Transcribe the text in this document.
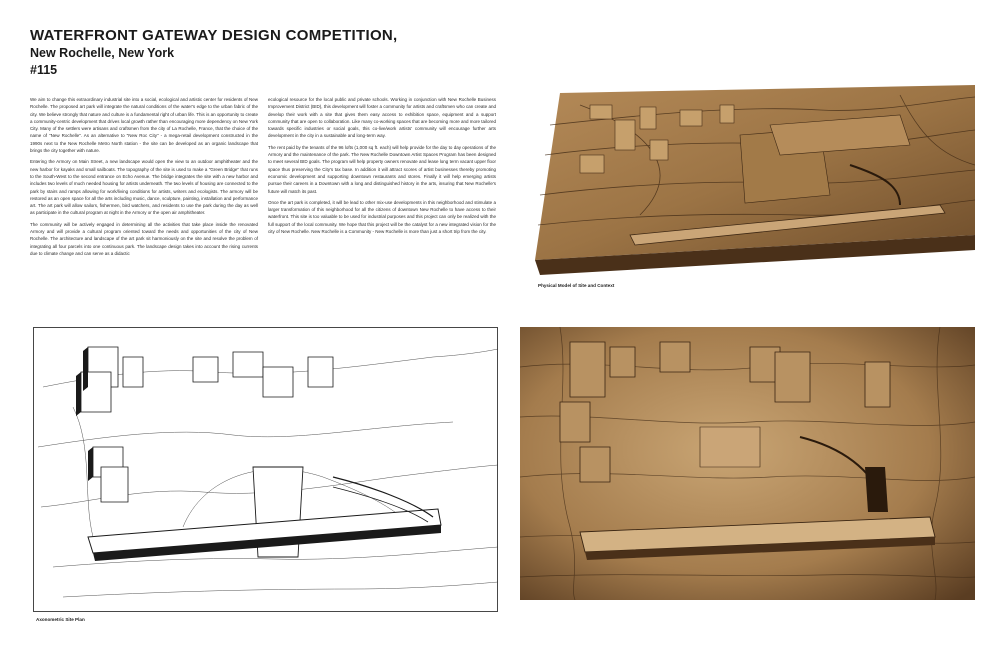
WATERFRONT GATEWAY DESIGN COMPETITION,
New Rochelle, New York
#115

We aim to change this extraordinary industrial site into a social, ecological and artistic center for residents of New Rochelle. The proposed art park will integrate the natural conditions of the water's edge to the urban fabric of the city. We believe strongly that nature and culture is a fundamental right of urban life. This is an opportunity to create a community-centric development that drives local growth rather than encouraging more dependency on New York City. Many of the settlers were artisans and craftsmen from the city of La Rochelle, France, that the choice of the name of "New Rochelle". As an alternative to "New Roc City" - a mega-retail development constructed in the 1990s next to the New Rochelle Metro North station - the site can be developed as an organic landscape that brings the city together with nature.

Entering the Armory on Main Street, a new landscape would open the view to an outdoor amphitheater and the new harbor for kayaks and small sailboats. The topography of the site is used to make a "Green Bridge" that runs to the South-West to the second entrance on Echo Avenue. The bridge integrates the site with a new harbor and includes two levels of much needed housing for artists underneath. The two levels of housing are connected to the park by stairs and ramps allowing for work/living conditions for artists, writers and ecologists. The armory will be restored as an open space for all the arts including music, dance, sculpture, painting, installation and performance art. The art park will allow sailors, fishermen, bird watchers, and residents to use the park during the day as well as participate in the cultural program at night in the Armory or the open air amphitheater.

The community will be actively engaged in determining all the activities that take place inside the renovated Armory and will provide a cultural program oriented toward the needs and opportunities of the city of New Rochelle. The architecture and landscape of the art park sit harmoniously on the site and resolve the problem of integrating all four parcels into one continuous park. The landscape design takes into account the rising currents due to climate change and can serve as a didactic

ecological resource for the local public and private schools. Working in conjunction with New Rochelle Business Improvement District (BID), this development will foster a community for artists and craftsmen who can create and develop their work with a site that gives them easy access to exhibition space, equipment and a support community that are open to collaboration. Like many co-working spaces that are becoming more and more tailored towards specific industries or social goals, this co-live/work artists' community will encourage further arts development in the city in a sustainable and long-term way.

The rent paid by the tenants of the 96 lofts (1,000 sq ft. each) will help provide for the day to day operations of the Armory and the maintenance of the park. The New Rochelle Downtown Artist Spaces Program has been designed to meet several BID goals. The program will help property owners renovate and lease long term vacant upper floor space thus preserving the City's tax base. In addition it will attract scores of artist businesses thereby promoting economic development and supporting downtown restaurants and stores. Finally it will help emerging artists pursue their careers in a Downtown with a long and distinguished history in the arts, insuring that New Rochelle's future will match its past.

Once the art park is completed, it will be lead to other mix-use developments in this neighborhood and stimulate a larger transformation of this neighborhood for all the citizens of downtown New Rochelle to have access to their waterfront. This site is too valuable to be used for industrial purposes and this project can only be realized with the full support of the local community. We hope that this project will be the catalyst for a new integrated vision for the city of New Rochelle. New Rochelle is a Community - New Rochelle is more than just a short trip from the city.

Physical Model of Site and Context
Axonometric Site Plan
